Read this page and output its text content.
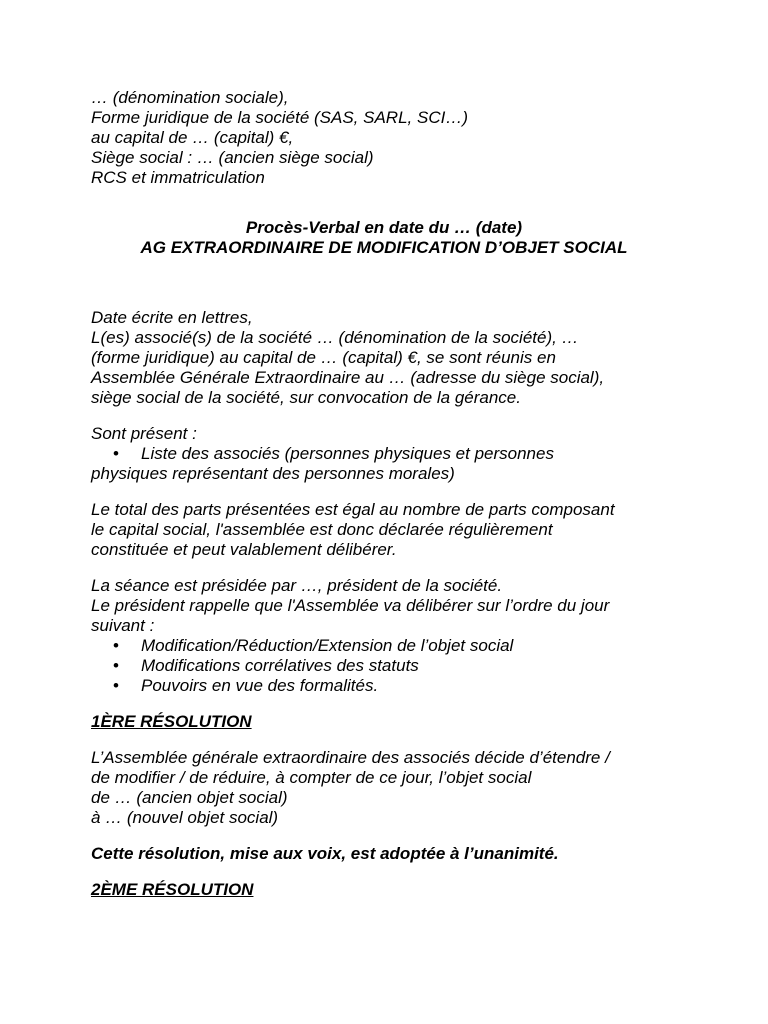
… (dénomination sociale),
Forme juridique de la société (SAS, SARL, SCI…)
au capital de … (capital) €,
Siège social : … (ancien siège social)
RCS et immatriculation
Procès-Verbal en date du … (date)
AG EXTRAORDINAIRE DE MODIFICATION D’OBJET SOCIAL
Date écrite en lettres,
L(es) associé(s) de la société … (dénomination de la société), …
(forme juridique) au capital de … (capital) €, se sont réunis en
Assemblée Générale Extraordinaire au … (adresse du siège social),
siège social de la société, sur convocation de la gérance.
Sont présent :
• Liste des associés (personnes physiques et personnes
physiques représentant des personnes morales)
Le total des parts présentées est égal au nombre de parts composant
le capital social, l'assemblée est donc déclarée régulièrement
constituée et peut valablement délibérer.
La séance est présidée par …, président de la société.
Le président rappelle que l'Assemblée va délibérer sur l’ordre du jour
suivant :
• Modification/Réduction/Extension de l’objet social
• Modifications corrélatives des statuts
• Pouvoirs en vue des formalités.
1ÈRE RÉSOLUTION
L’Assemblée générale extraordinaire des associés décide d’étendre /
de modifier / de réduire, à compter de ce jour, l’objet social
de … (ancien objet social)
à … (nouvel objet social)
Cette résolution, mise aux voix, est adoptée à l’unanimité.
2ÈME RÉSOLUTION
